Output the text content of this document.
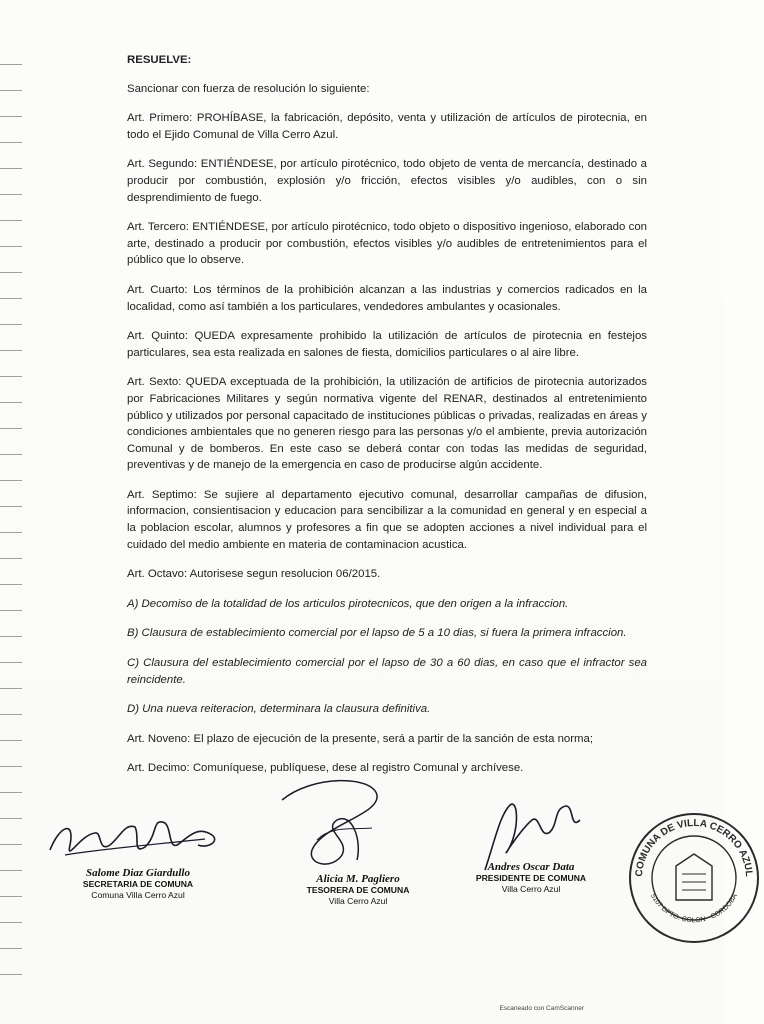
RESUELVE:

Sancionar con fuerza de resolución lo siguiente:

Art. Primero: PROHÍBASE, la fabricación, depósito, venta y utilización de artículos de pirotecnia, en todo el Ejido Comunal de Villa Cerro Azul.

Art. Segundo: ENTIÉNDESE, por artículo pirotécnico, todo objeto de venta de mercancía, destinado a producir por combustión, explosión y/o fricción, efectos visibles y/o audibles, con o sin desprendimiento de fuego.

Art. Tercero: ENTIÉNDESE, por artículo pirotécnico, todo objeto o dispositivo ingenioso, elaborado con arte, destinado a producir por combustión, efectos visibles y/o audibles de entretenimientos para el público que lo observe.

Art. Cuarto: Los términos de la prohibición alcanzan a las industrias y comercios radicados en la localidad, como así también a los particulares, vendedores ambulantes y ocasionales.

Art. Quinto: QUEDA expresamente prohibido la utilización de artículos de pirotecnia en festejos particulares, sea esta realizada en salones de fiesta, domicilios particulares o al aire libre.

Art. Sexto: QUEDA exceptuada de la prohibición, la utilización de artificios de pirotecnia autorizados por Fabricaciones Militares y según normativa vigente del RENAR, destinados al entretenimiento público y utilizados por personal capacitado de instituciones públicas o privadas, realizadas en áreas y condiciones ambientales que no generen riesgo para las personas y/o el ambiente, previa autorización Comunal y de bomberos. En este caso se deberá contar con todas las medidas de seguridad, preventivas y de manejo de la emergencia en caso de producirse algún accidente.

Art. Septimo: Se sujiere al departamento ejecutivo comunal, desarrollar campañas de difusion, informacion, consientisacion y educacion para sencibilizar a la comunidad en general y en especial a la poblacion escolar, alumnos y profesores a fin que se adopten acciones a nivel individual para el cuidado del medio ambiente en materia de contaminacion acustica.

Art. Octavo: Autorisese segun resolucion 06/2015.

A) Decomiso de la totalidad de los articulos pirotecnicos, que den origen a la infraccion.

B) Clausura de establecimiento comercial por el lapso de 5 a 10 dias, si fuera la primera infraccion.

C) Clausura del establecimiento comercial por el lapso de 30 a 60 dias, en caso que el infractor sea reincidente.

D) Una nueva reiteracion, determinara la clausura definitiva.

Art. Noveno: El plazo de ejecución de la presente, será a partir de la sanción de esta norma;

Art. Decimo: Comuníquese, publíquese, dese al registro Comunal y archívese.

Salome Diaz Giardullo
SECRETARIA DE COMUNA
Comuna Villa Cerro Azul
Alicia M. Pagliero
TESORERA DE COMUNA
Villa Cerro Azul
Andres Oscar Data
PRESIDENTE DE COMUNA
Villa Cerro Azul
COMUNA DE VILLA CERRO AZUL
5107 DPTO. COLON · CORDOBA
Escaneado con CamScanner
